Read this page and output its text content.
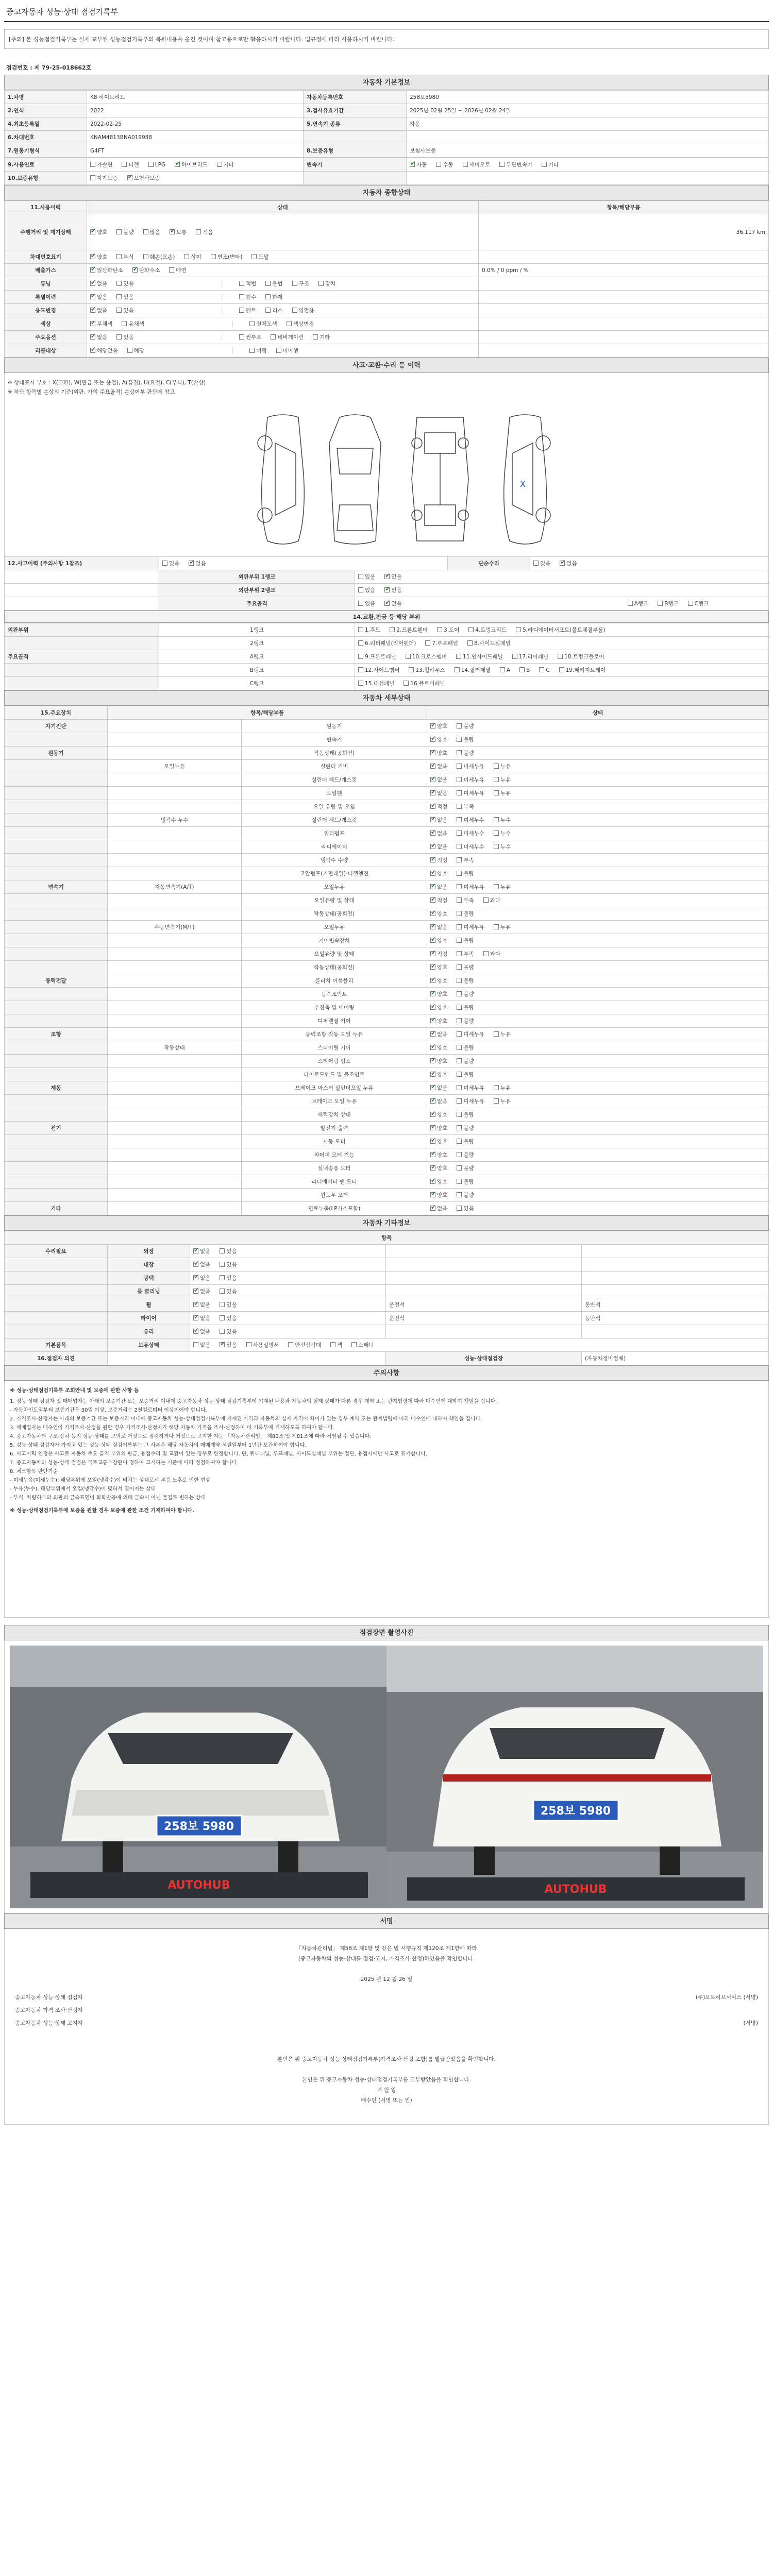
중고자동차 성능·상태 점검기록부
[주의] 본 성능점검기록부는 실제 교부된 성능점검기록부의 복원내용을 옮긴 것이며 참고용으로만 활용하시기 바랍니다. 법규정에 따라 사용하시기 바랍니다.
점검번호 : 제 79-25-018662호
자동차 기본정보
1.차명	K8 하이브리드	자동차등록번호	258보5980
2.연식	2022	3.검사유효기간	2025년 02월 25일 ~ 2026년 02월 24일
4.최초등록일	2022-02-25	5.변속기 종류	자동
6.차대번호	KNAM4813BNA019988		
7.원동기형식	G4FT	8.보증유형	보험사보증
9.사용연료	가솔린 디젤 LPG ✔ 하이브리드 기타	변속기	✔자동 수동 세미오토 무단변속기 기타
10.보증유형	자가보증 ✔ 보험사보증		
자동차 종합상태
11.사용이력	상태	항목/해당부품
주행거리 및 계기상태	✔양호 불량 많음 ✔ 보통 적음	36,117 km
차대번호표기	✔양호 부식 훼손(오손) 상이 변조(변타) 도말	
배출가스	✔일산화탄소 ✔ 탄화수소 매연	0.0% / 0 ppm / %
튜닝	✔없음 있음 │ 적법 불법 구조 장치	
특별이력	✔없음 있음 │ 침수 화재	
용도변경	✔없음 있음 │ 렌트 리스 영업용	
색상	✔무채색 유채색 │ 전체도색 색상변경	
주요옵션	✔없음 있음 │ 썬루프 네비게이션 기타	
리콜대상	✔해당없음 해당 │ 이행 미이행	
사고·교환·수리 등 이력
※ 상태표시 부호 : X(교환), W(판금 또는 용접), A(흠집), U(요철), C(부식), T(손상)
※ 하단 항목별 손상의 기준(외판, 가의 주요골격) 손상여부 판단에 참고
X
12.사고이력 (주의사항 1참조)	있음 ✔ 없음		단순수리	있음 ✔ 없음
	외판부위 1랭크	있음 ✔ 없음
	외판부위 2랭크	있음 ✔ 없음
	주요골격	있음 ✔ 없음 A랭크 B랭크 C랭크
14.교환,판금 등 해당 부위
외판부위	1랭크	1.후드 2.프론트휀더 3.도어 4.트렁크리드 5.라디에이터서포트(볼트체결부품)
	2랭크	6.쿼터패널(리어펜더) 7.루프패널 8.사이드실패널
주요골격	A랭크	9.프론트패널 10.크로스멤버 11.인사이드패널 17.리어패널 18.트렁크플로어
	B랭크	12.사이드멤버 13.휠하우스 14.필러패널 A B C 19.패키지트레이
	C랭크	15.대쉬패널 16.플로어패널
자동차 세부상태
15.주요장치	항목/해당부품		상태
자기진단		원동기	✔양호 불량
		변속기	✔양호 불량
원동기		작동상태(공회전)	✔양호 불량
	오일누유	실린더 커버	✔없음 미세누유 누유
		실린더 헤드/개스킷	✔없음 미세누유 누유
		오일팬	✔없음 미세누유 누유
		오일 유량 및 오염	✔적정 부족
	냉각수 누수	실린더 헤드/개스킷	✔없음 미세누수 누수
		워터펌프	✔없음 미세누수 누수
		라디에이터	✔없음 미세누수 누수
		냉각수 수량	✔적정 부족
		고압펌프(커먼레일)-디젤엔진	✔양호 불량
변속기	자동변속기(A/T)	오일누유	✔없음 미세누유 누유
		오일유량 및 상태	✔적정 부족 과다
		작동상태(공회전)	✔양호 불량
	수동변속기(M/T)	오일누유	✔없음 미세누유 누유
		기어변속장치	✔양호 불량
		오일유량 및 상태	✔적정 부족 과다
		작동상태(공회전)	✔양호 불량
동력전달		클러치 어셈블리	✔양호 불량
		등속조인트	✔양호 불량
		추진축 및 베어링	✔양호 불량
		디퍼렌셜 기어	✔양호 불량
조향		동력조향 작동 오일 누유	✔없음 미세누유 누유
	작동상태	스티어링 기어	✔양호 불량
		스티어링 펌프	✔양호 불량
		타이로드엔드 및 볼조인트	✔양호 불량
제동		브레이크 마스터 실린더오일 누유	✔없음 미세누유 누유
		브레이크 오일 누유	✔없음 미세누유 누유
		배력장치 상태	✔양호 불량
전기		발전기 출력	✔양호 불량
		시동 모터	✔양호 불량
		와이퍼 모터 기능	✔양호 불량
		실내송풍 모터	✔양호 불량
		라디에이터 팬 모터	✔양호 불량
		윈도우 모터	✔양호 불량
기타		연료누출(LP가스포함)	✔없음 있음
자동차 기타정보
항목				
수리필요	외장	✔없음 있음		
	내장	✔없음 있음		
	광택	✔없음 있음		
	룸 클리닝	✔없음 있음		
	휠	✔없음 있음	운전석	동반석
	타이어	✔없음 있음	운전석	동반석
	유리	✔없음 있음		
기본품목	보유상태	없음 ✔ 있음 사용설명서 안전삼각대 잭 스패너
16.점검자 의견			성능·상태점검장	(자동차정비업체)
주의사항
※ 성능·상태점검기록부 조회안내 및 보증에 관한 사항 등
1. 성능·상태 점검자 및 매매업자는 아래의 보증기간 또는 보증거리 이내에 중고자동차 성능·상태 점검기록부에 기재된 내용과 자동차의 실제 상태가 다른 경우 계약 또는 관계법령에 따라 매수인에 대하여 책임을 집니다.
- 자동차인도일부터 보증기간은 30일 이상, 보증거리는 2천킬로미터 이상이어야 합니다.
2. 가격조사·산정자는 아래의 보증기간 또는 보증거리 이내에 중고자동차 성능·상태점검기록부에 기재된 가격과 자동차의 실제 가격이 차이가 있는 경우 계약 또는 관계법령에 따라 매수인에 대하여 책임을 집니다.
3. 매매업자는 매수인이 가격조사·산정을 원할 경우 가격조사·산정자가 해당 자동차 가격을 조사·산정하여 이 기록부에 기재하도록 하여야 합니다.
4. 중고자동차의 구조·장치 등의 성능·상태를 고의로 거짓으로 점검하거나 거짓으로 고지한 자는 「자동차관리법」 제80조 및 제81조에 따라 처벌될 수 있습니다.
5. 성능·상태 점검자가 가지고 있는 성능·상태 점검기록부는 그 사본을 해당 자동차의 매매계약 체결일부터 1년간 보관하여야 합니다.
6. 사고이력 인정은 사고로 자동차 주요 골격 부위의 판금, 용접수리 및 교환이 있는 경우로 한정합니다. 단, 쿼터패널, 루프패널, 사이드실패널 부위는 절단, 용접시에만 사고로 표기합니다.
7. 중고자동차의 성능·상태 점검은 국토교통부장관이 정하여 고시하는 기준에 따라 점검하여야 합니다.
8. 체크항목 판단기준
- 미세누유(미세누수): 해당부위에 오일(냉각수)이 비치는 상태로서 부품 노후로 인한 현상
- 누유(누수): 해당부위에서 오일(냉각수)이 맺혀서 떨어지는 상태
- 부식: 차량하부와 외판의 금속표면이 화학반응에 의해 금속이 아닌 물질로 변하는 상태
※ 성능·상태점검기록부에 보증을 원할 경우 보증에 관한 조건 기재하여야 합니다.
점검장면 촬영사진
258보 5980
AUTOHUB
258보 5980
AUTOHUB
서명

「자동차관리법」 제58조 제1항 및 같은 법 시행규칙 제120조 제1항에 따라

(중고자동차의 성능·상태를 점검·고지, 가격조사·산정)하였음을 확인합니다.

2025 년 12 월 26 일

중고자동차 성능·상태 점검자	(주)오토허브서비스 (서명)
중고자동차 가격 조사·산정자
중고자동차 성능·상태 고지자	(서명)

본인은 위 중고자동차 성능·상태점검기록부(가격조사·산정 포함)를 발급받았음을 확인합니다.

본인은 위 중고자동차 성능·상태점검기록부를 교부받았음을 확인합니다.

년 월 일

매수인 (서명 또는 인)
